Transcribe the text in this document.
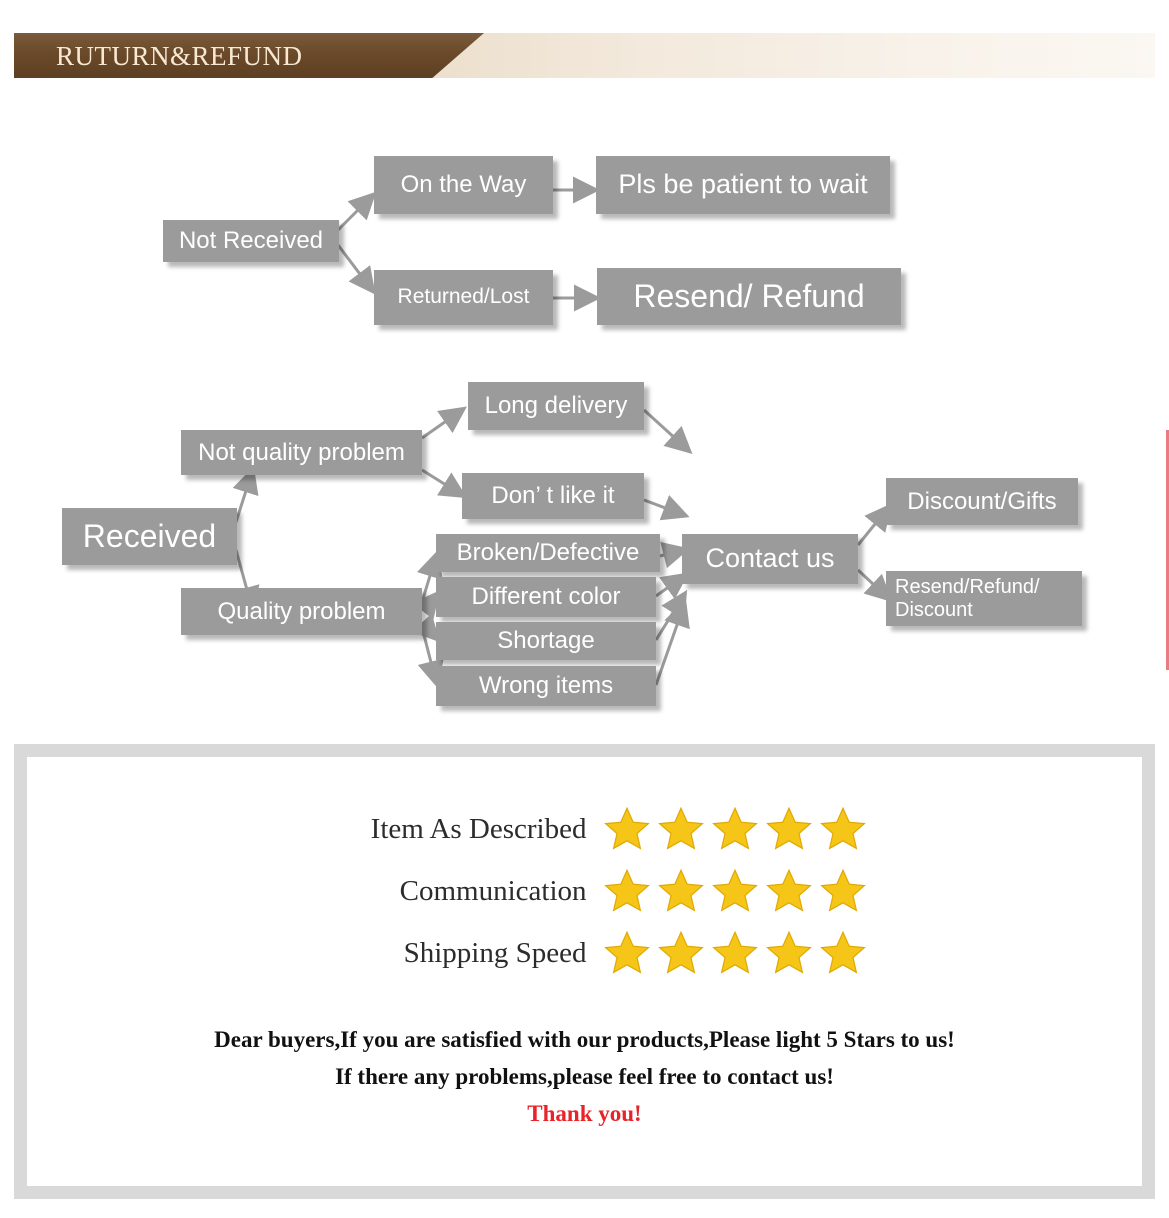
RUTURN&REFUND
Not Received
On the Way	Pls be patient to wait
Returned/Lost	Resend/ Refund
Received
Not quality problem
Quality problem
Long delivery
Don’ t like it
Broken/Defective
Different color
Shortage
Wrong items
Contact us
Discount/Gifts
Resend/Refund/ Discount
Item As Described
Communication
Shipping Speed
Dear buyers,If you are satisfied with our products,Please light 5 Stars to us!
If there any problems,please feel free to contact us!
Thank you!
